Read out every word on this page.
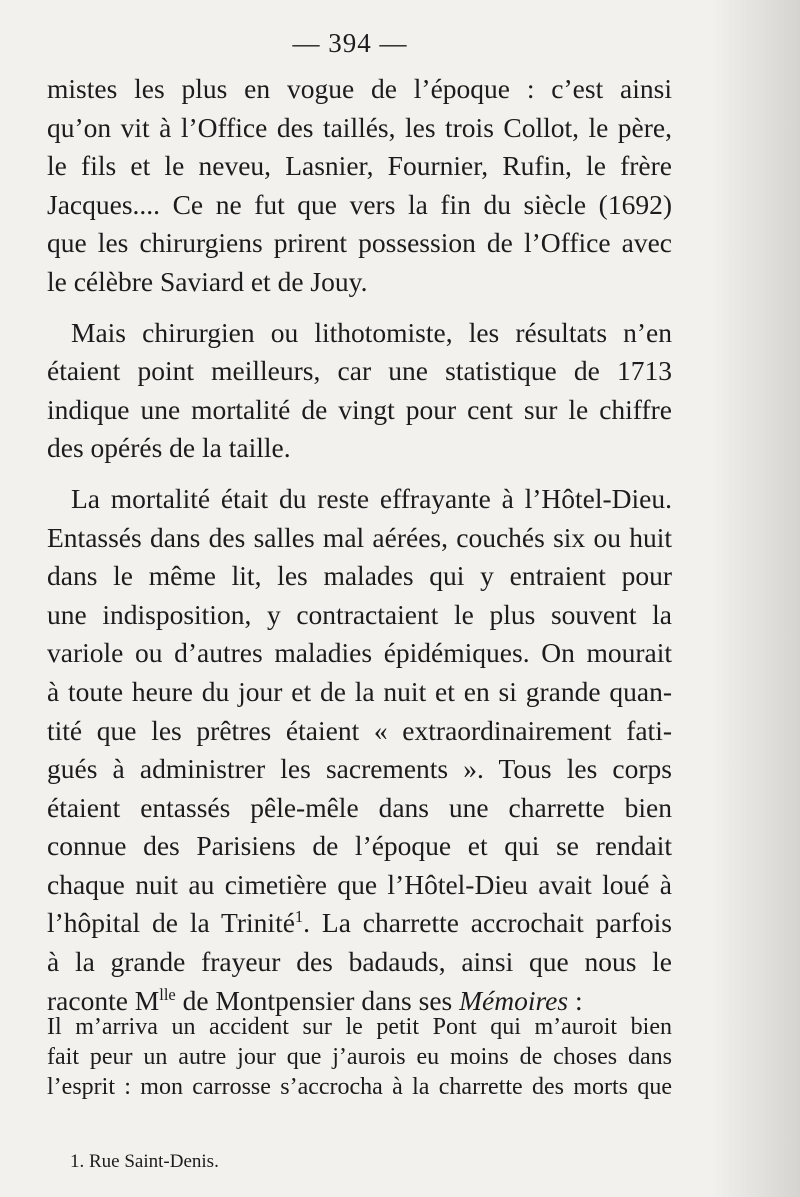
— 394 —
mistes les plus en vogue de l’époque : c’est ainsi
qu’on vit à l’Office des taillés, les trois Collot, le père,
le fils et le neveu, Lasnier, Fournier, Rufin, le frère
Jacques.... Ce ne fut que vers la fin du siècle (1692)
que les chirurgiens prirent possession de l’Office avec
le célèbre Saviard et de Jouy.
Mais chirurgien ou lithotomiste, les résultats n’en
étaient point meilleurs, car une statistique de 1713
indique une mortalité de vingt pour cent sur le chiffre
des opérés de la taille.
La mortalité était du reste effrayante à l’Hôtel-Dieu.
Entassés dans des salles mal aérées, couchés six ou huit
dans le même lit, les malades qui y entraient pour
une indisposition, y contractaient le plus souvent la
variole ou d’autres maladies épidémiques. On mourait
à toute heure du jour et de la nuit et en si grande quan-
tité que les prêtres étaient « extraordinairement fati-
gués à administrer les sacrements ». Tous les corps
étaient entassés pêle-mêle dans une charrette bien
connue des Parisiens de l’époque et qui se rendait
chaque nuit au cimetière que l’Hôtel-Dieu avait loué à
l’hôpital de la Trinité$^1$. La charrette accrochait parfois
à la grande frayeur des badauds, ainsi que nous le
raconte $M^{lle}$ de Montpensier dans ses Mémoires :
Il m’arriva un accident sur le petit Pont qui m’auroit bien
fait peur un autre jour que j’aurois eu moins de choses dans
l’esprit : mon carrosse s’accrocha à la charrette des morts que
1. Rue Saint-Denis.
